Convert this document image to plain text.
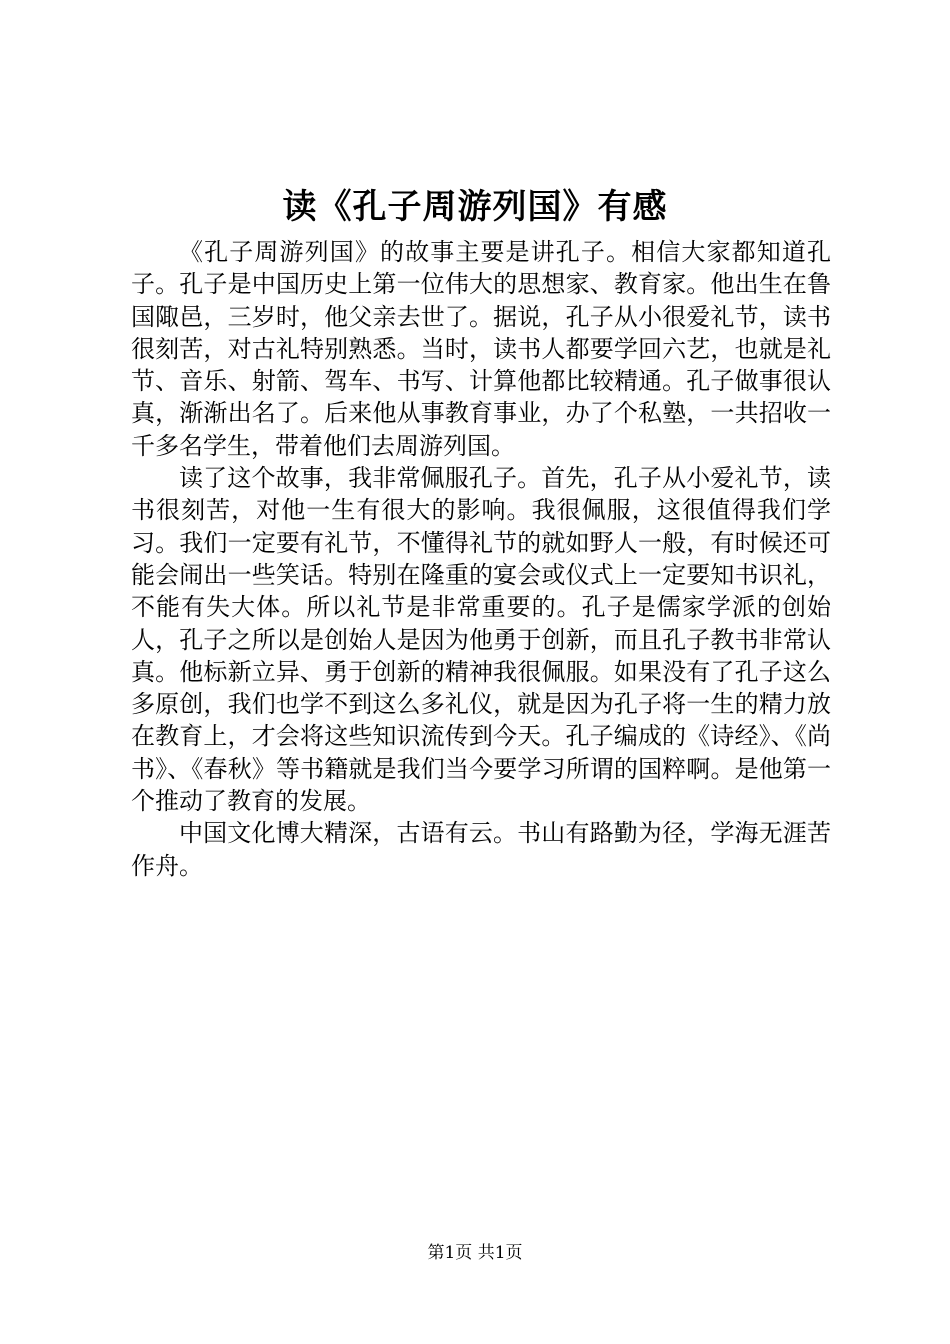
读《孔子周游列国》有感

《孔子周游列国》的故事主要是讲孔子。相信大家都知道孔子。孔子是中国历史上第一位伟大的思想家、教育家。他出生在鲁国陬邑，三岁时，他父亲去世了。据说，孔子从小很爱礼节，读书很刻苦，对古礼特别熟悉。当时，读书人都要学回六艺，也就是礼节、音乐、射箭、驾车、书写、计算他都比较精通。孔子做事很认真，渐渐出名了。后来他从事教育事业，办了个私塾，一共招收一千多名学生，带着他们去周游列国。

读了这个故事，我非常佩服孔子。首先，孔子从小爱礼节，读书很刻苦，对他一生有很大的影响。我很佩服，这很值得我们学习。我们一定要有礼节，不懂得礼节的就如野人一般，有时候还可能会闹出一些笑话。特别在隆重的宴会或仪式上一定要知书识礼，不能有失大体。所以礼节是非常重要的。孔子是儒家学派的创始人，孔子之所以是创始人是因为他勇于创新，而且孔子教书非常认真。他标新立异、勇于创新的精神我很佩服。如果没有了孔子这么多原创，我们也学不到这么多礼仪，就是因为孔子将一生的精力放在教育上，才会将这些知识流传到今天。孔子编成的《诗经》、《尚书》、《春秋》等书籍就是我们当今要学习所谓的国粹啊。是他第一个推动了教育的发展。

中国文化博大精深，古语有云。书山有路勤为径，学海无涯苦作舟。

第1页 共1页
